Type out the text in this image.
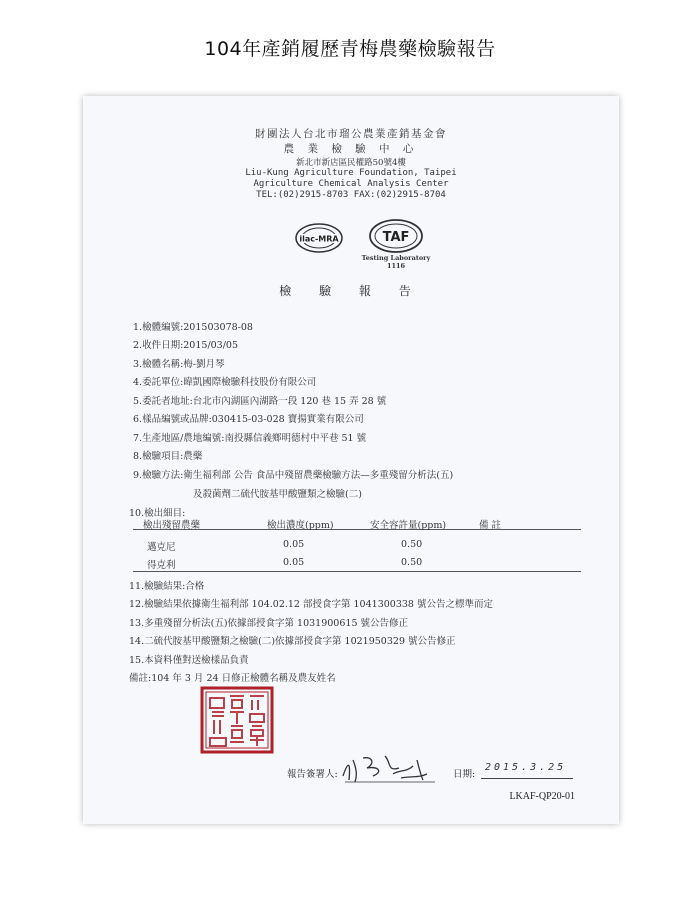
104年產銷履歷青梅農藥檢驗報告
財團法人台北市瑠公農業產銷基金會
農 業 檢 驗 中 心
新北市新店區民權路50號4樓
Liu-Kung Agriculture Foundation, Taipei
Agriculture Chemical Analysis Center
TEL:(02)2915-8703 FAX:(02)2915-8704
ilac-MRA	TAF
Testing Laboratory
1116
檢 驗 報 告
1.檢體編號:201503078-08
2.收件日期:2015/03/05
3.檢體名稱:梅-劉月琴
4.委託單位:暐凱國際檢驗科技股份有限公司
5.委託者地址:台北市內湖區內湖路一段 120 巷 15 弄 28 號
6.樣品編號或品牌:030415-03-028 寶揚實業有限公司
7.生產地區/農地編號:南投縣信義鄉明德村中平巷 51 號
8.檢驗項目:農藥
9.檢驗方法:衛生福利部 公告 食品中殘留農藥檢驗方法—多重殘留分析法(五)
及殺菌劑二硫代胺基甲酸鹽類之檢驗(二)
10.檢出細目:
檢出殘留農藥	檢出濃度(ppm)	安全容許量(ppm)	備 註
邁克尼	0.05	0.50
得克利	0.05	0.50
11.檢驗結果:合格
12.檢驗結果依據衛生福利部 104.02.12 部授食字第 1041300338 號公告之標準而定
13.多重殘留分析法(五)依據部授食字第 1031900615 號公告修正
14.二硫代胺基甲酸鹽類之檢驗(二)依據部授食字第 1021950329 號公告修正
15.本資料僅對送檢樣品負責
備註:104 年 3 月 24 日修正檢體名稱及農友姓名
報告簽署人:	日期:
2015.3.25
LKAF-QP20-01
